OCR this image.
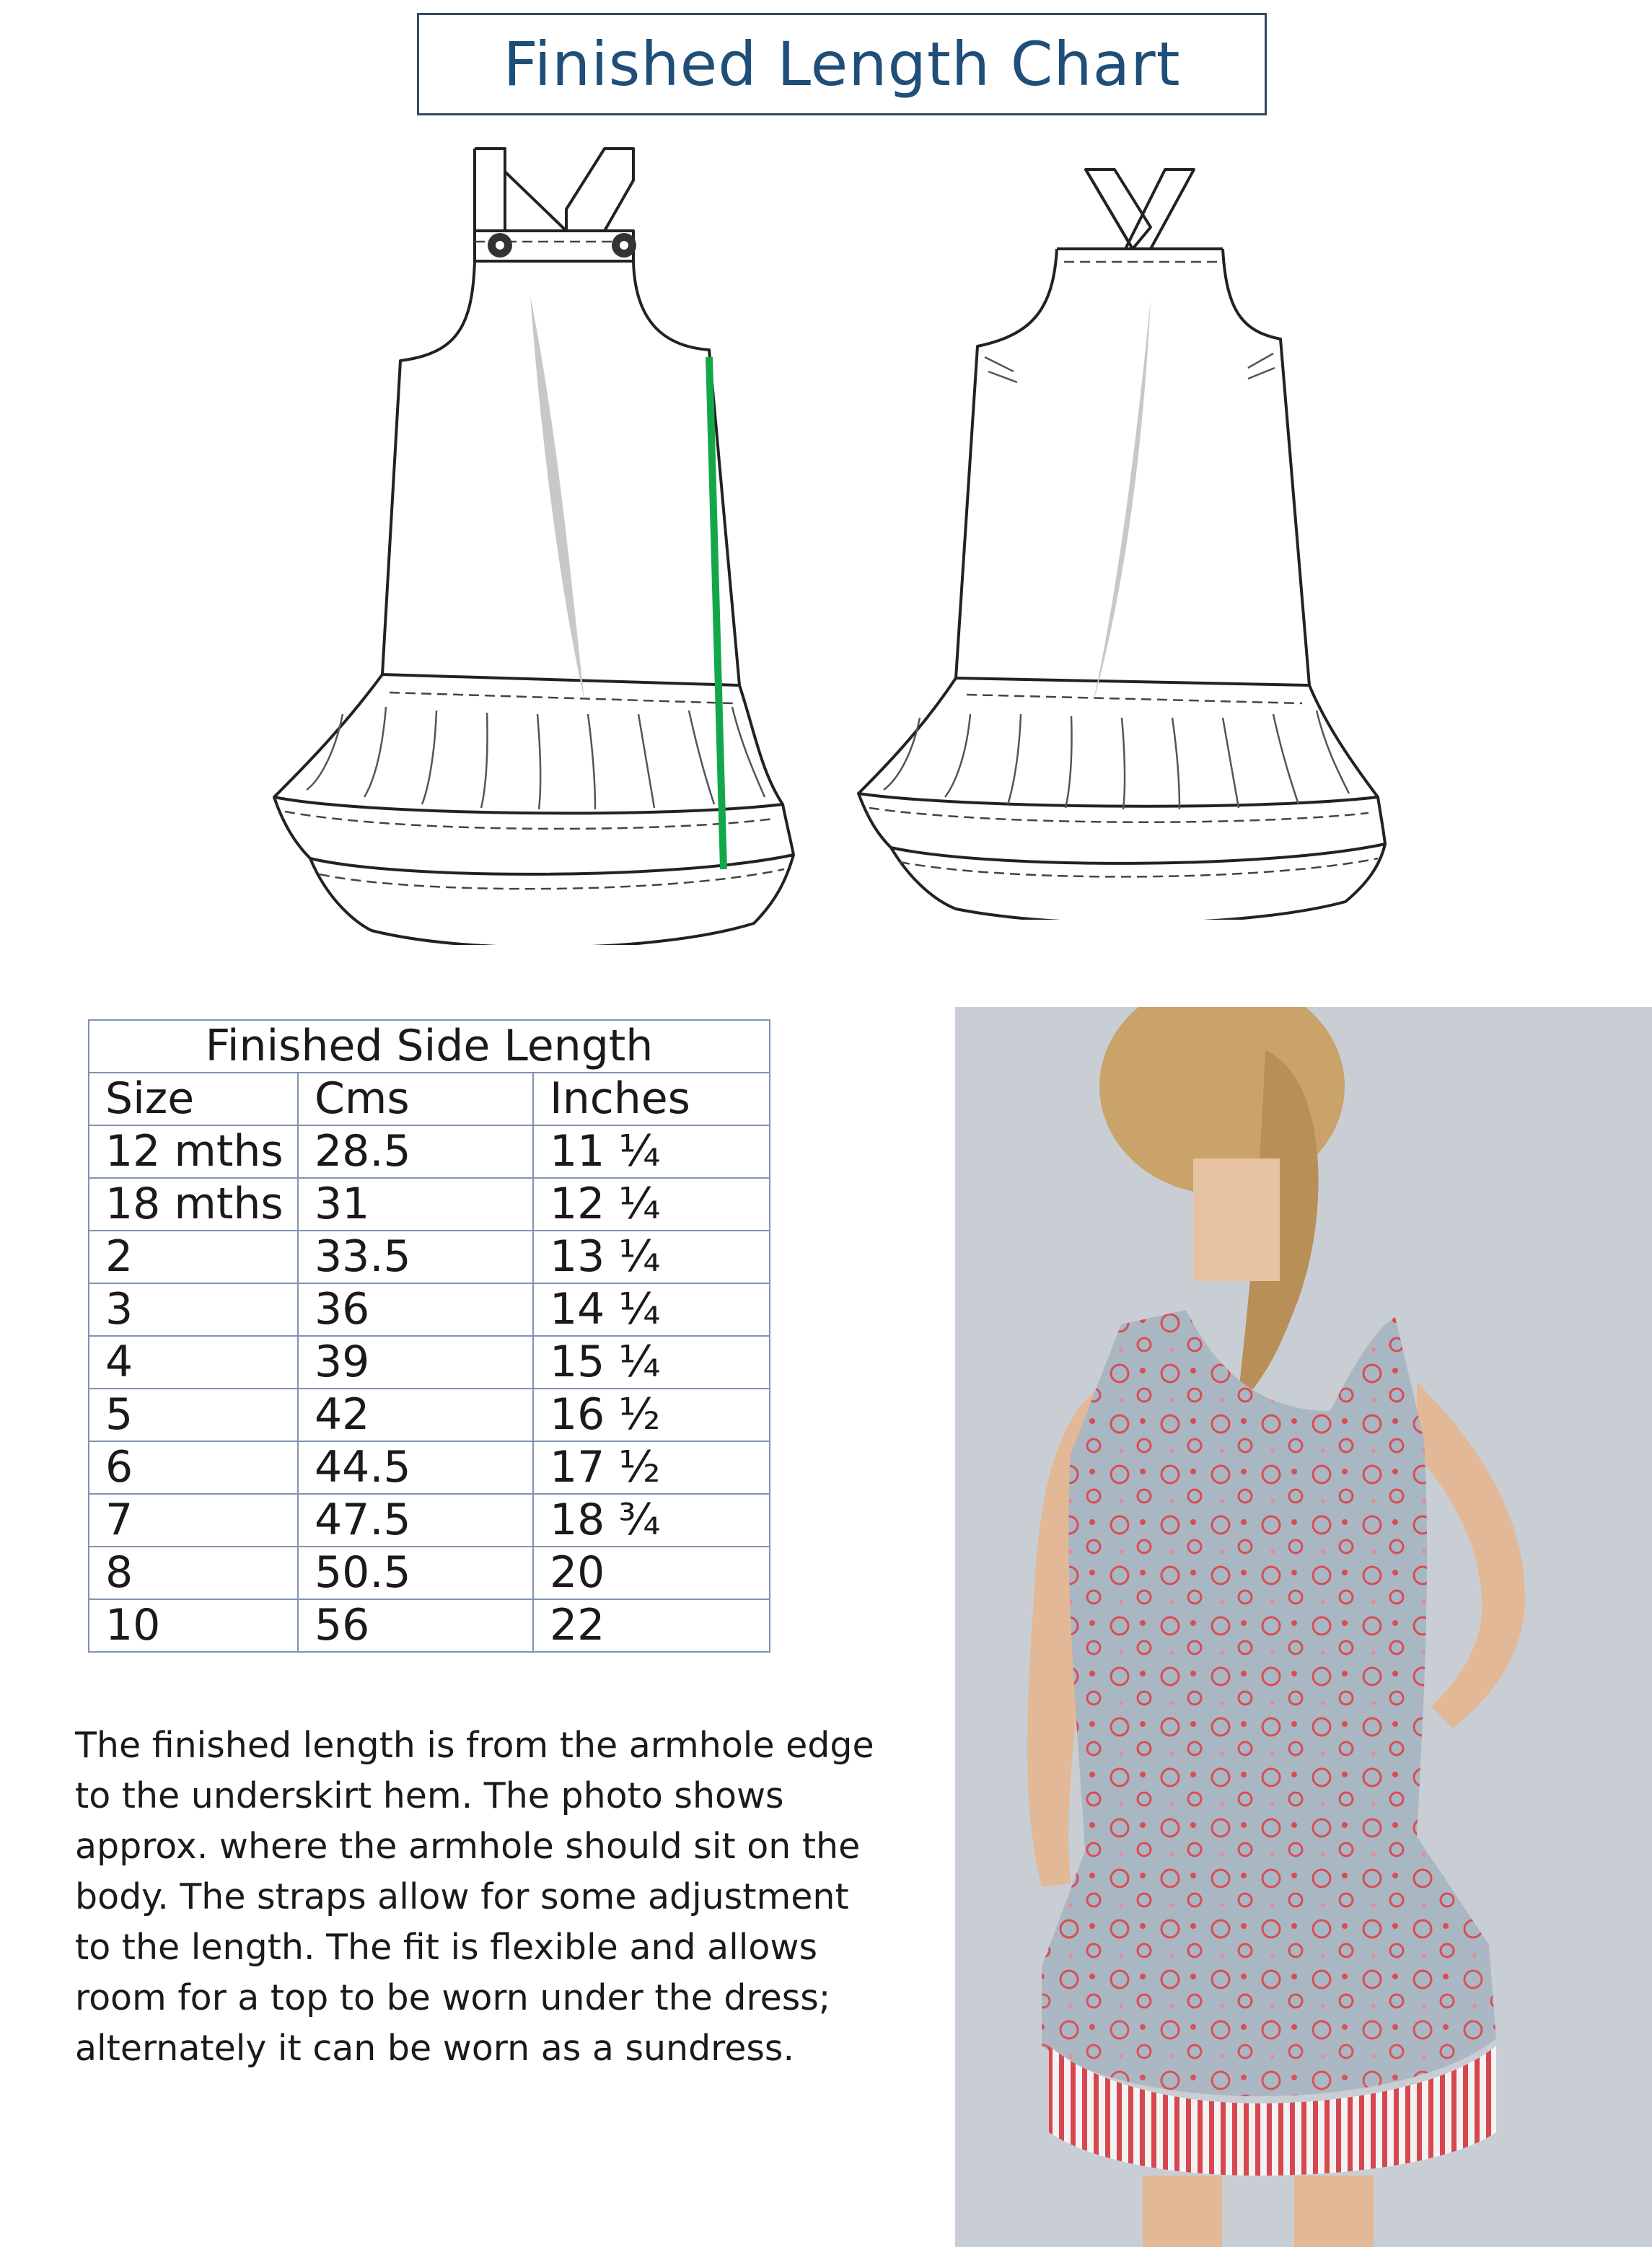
Finished Length Chart
Finished Side Length		
Size	Cms	Inches
12 mths	28.5	11 ¼
18 mths	31	12 ¼
2	33.5	13 ¼
3	36	14 ¼
4	39	15 ¼
5	42	16 ½
6	44.5	17 ½
7	47.5	18 ¾
8	50.5	20
10	56	22

The finished length is from the armhole edge to the underskirt hem. The photo shows approx. where the armhole should sit on the body. The straps allow for some adjustment to the length. The fit is flexible and allows room for a top to be worn under the dress; alternately it can be worn as a sundress.
